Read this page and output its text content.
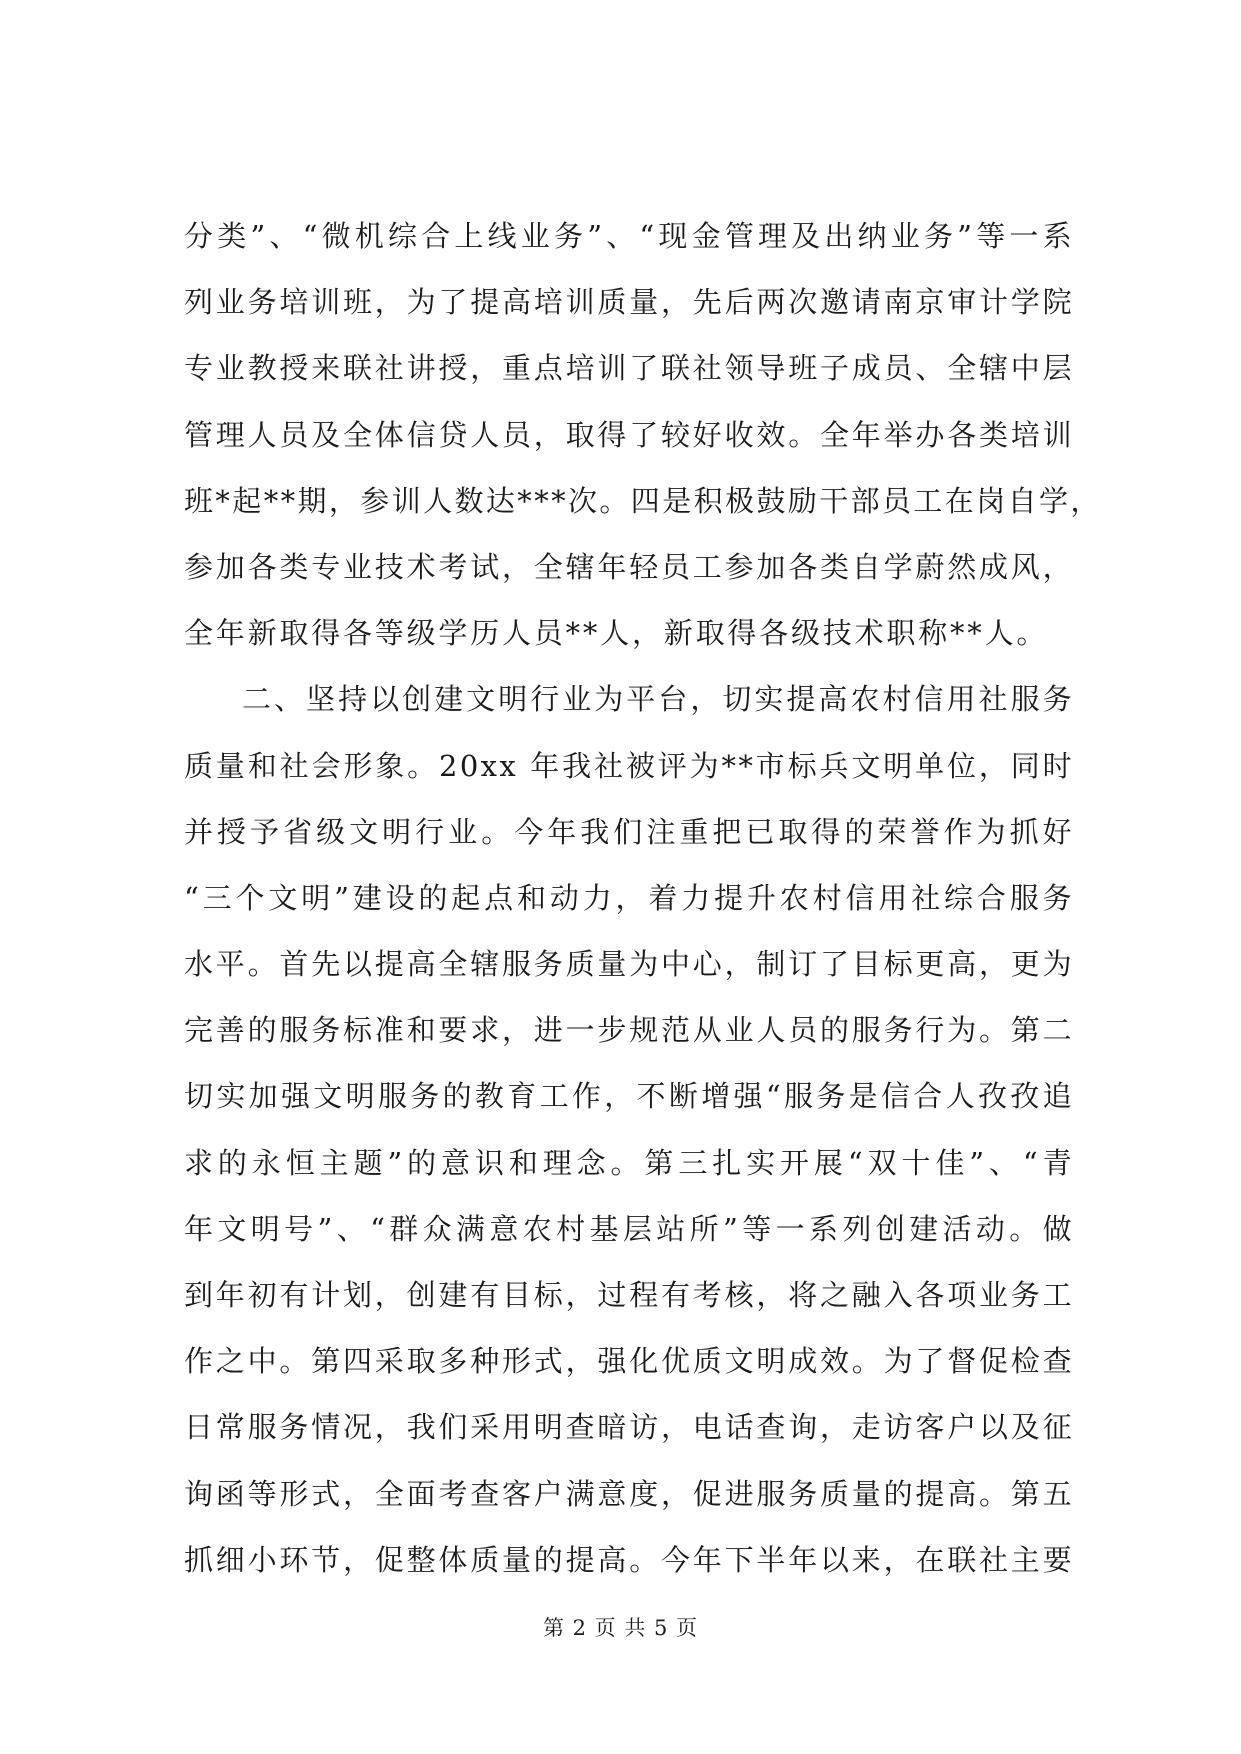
分类”、“微机综合上线业务”、“现金管理及出纳业务”等一系
列业务培训班，为了提高培训质量，先后两次邀请南京审计学院
专业教授来联社讲授，重点培训了联社领导班子成员、全辖中层
管理人员及全体信贷人员，取得了较好收效。全年举办各类培训
班*起**期，参训人数达***次。四是积极鼓励干部员工在岗自学，
参加各类专业技术考试，全辖年轻员工参加各类自学蔚然成风，
全年新取得各等级学历人员**人，新取得各级技术职称**人。
二、坚持以创建文明行业为平台，切实提高农村信用社服务
质量和社会形象。20xx 年我社被评为**市标兵文明单位，同时
并授予省级文明行业。今年我们注重把已取得的荣誉作为抓好
“三个文明”建设的起点和动力，着力提升农村信用社综合服务
水平。首先以提高全辖服务质量为中心，制订了目标更高，更为
完善的服务标准和要求，进一步规范从业人员的服务行为。第二
切实加强文明服务的教育工作，不断增强“服务是信合人孜孜追
求的永恒主题”的意识和理念。第三扎实开展“双十佳”、“青
年文明号”、“群众满意农村基层站所”等一系列创建活动。做
到年初有计划，创建有目标，过程有考核，将之融入各项业务工
作之中。第四采取多种形式，强化优质文明成效。为了督促检查
日常服务情况，我们采用明查暗访，电话查询，走访客户以及征
询函等形式，全面考查客户满意度，促进服务质量的提高。第五
抓细小环节，促整体质量的提高。今年下半年以来，在联社主要
第 2 页 共 5 页
